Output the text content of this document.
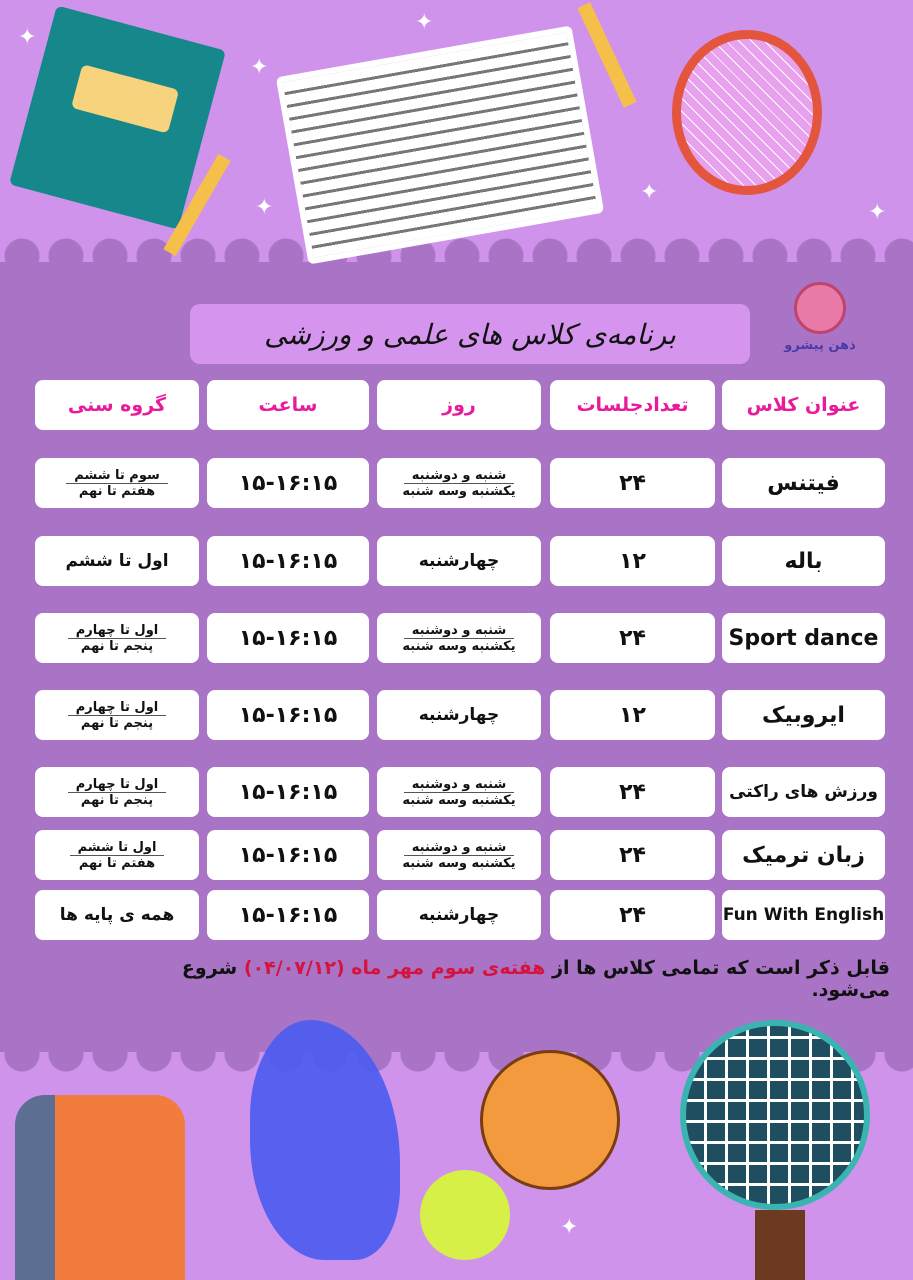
✦
✦
✦
✦
✦	✦
✦
برنامه‌ی کلاس های علمی و ورزشی	ذهن پیشرو
عنوان کلاس
تعدادجلسات
روز
ساعت
گروه سنی
فیتنس
۲۴
شنبه و دوشنبه
یکشنبه وسه شنبه
۱۵-۱۶:۱۵
سوم تا ششم
هفتم تا نهم
باله
۱۲
چهارشنبه
۱۵-۱۶:۱۵
اول تا ششم
Sport dance
۲۴
شنبه و دوشنبه
یکشنبه وسه شنبه
۱۵-۱۶:۱۵
اول تا چهارم
پنجم تا نهم
ایروبیک
۱۲
چهارشنبه
۱۵-۱۶:۱۵
اول تا چهارم
پنجم تا نهم
ورزش های راکتی
۲۴
شنبه و دوشنبه
یکشنبه وسه شنبه
۱۵-۱۶:۱۵
اول تا چهارم
پنجم تا نهم
زبان ترمیک
۲۴
شنبه و دوشنبه
یکشنبه وسه شنبه
۱۵-۱۶:۱۵
اول تا ششم
هفتم تا نهم
Fun With English
۲۴
چهارشنبه
۱۵-۱۶:۱۵
همه ی پایه ها
قابل ذکر است که تمامی کلاس ها از هفته‌ی سوم مهر ماه (۰۴/۰۷/۱۲) شروع می‌شود.
